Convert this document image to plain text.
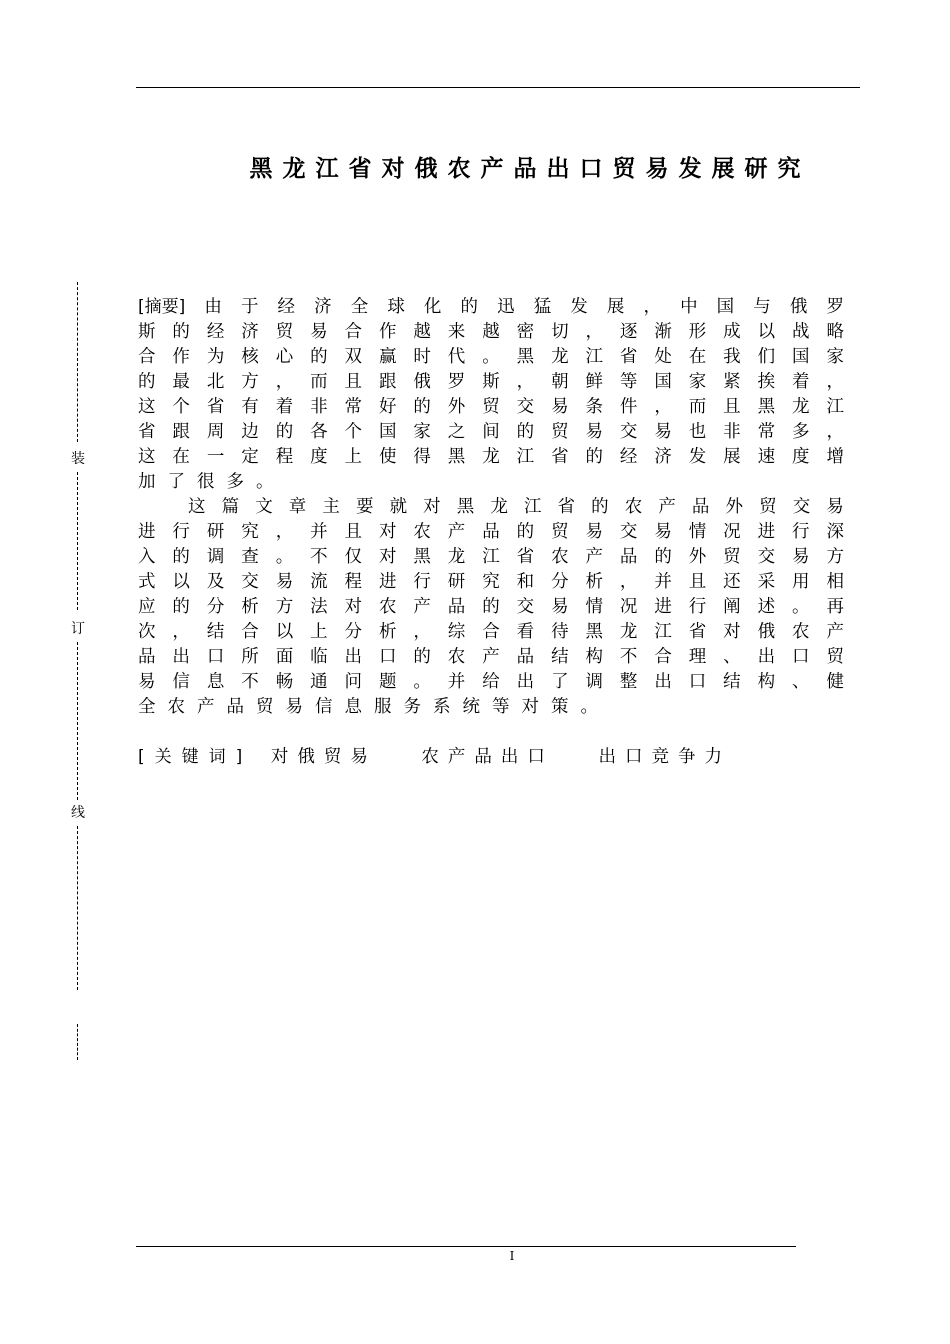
黑龙江省对俄农产品出口贸易发展研究
装
订
线
[摘要] 由 于 经 济 全 球 化 的 迅 猛 发 展 ， 中 国 与 俄 罗
斯 的 经 济 贸 易 合 作 越 来 越 密 切 ， 逐 渐 形 成 以 战 略
合 作 为 核 心 的 双 赢 时 代 。 黑 龙 江 省 处 在 我 们 国 家
的 最 北 方 ， 而 且 跟 俄 罗 斯 ， 朝 鲜 等 国 家 紧 挨 着 ，
这 个 省 有 着 非 常 好 的 外 贸 交 易 条 件 ， 而 且 黑 龙 江
省 跟 周 边 的 各 个 国 家 之 间 的 贸 易 交 易 也 非 常 多 ，
这 在 一 定 程 度 上 使 得 黑 龙 江 省 的 经 济 发 展 速 度 增
加了很多。
这 篇 文 章 主 要 就 对 黑 龙 江 省 的 农 产 品 外 贸 交 易
进 行 研 究 ， 并 且 对 农 产 品 的 贸 易 交 易 情 况 进 行 深
入 的 调 查 。 不 仅 对 黑 龙 江 省 农 产 品 的 外 贸 交 易 方
式 以 及 交 易 流 程 进 行 研 究 和 分 析 ， 并 且 还 采 用 相
应 的 分 析 方 法 对 农 产 品 的 交 易 情 况 进 行 阐 述 。 再
次 ， 结 合 以 上 分 析 ， 综 合 看 待 黑 龙 江 省 对 俄 农 产
品 出 口 所 面 临 出 口 的 农 产 品 结 构 不 合 理 、 出 口 贸
易 信 息 不 畅 通 问 题 。 并 给 出 了 调 整 出 口 结 构 、 健
全农产品贸易信息服务系统等对策。
[关键词] 对俄贸易	农产品出口	出口竞争力
I
